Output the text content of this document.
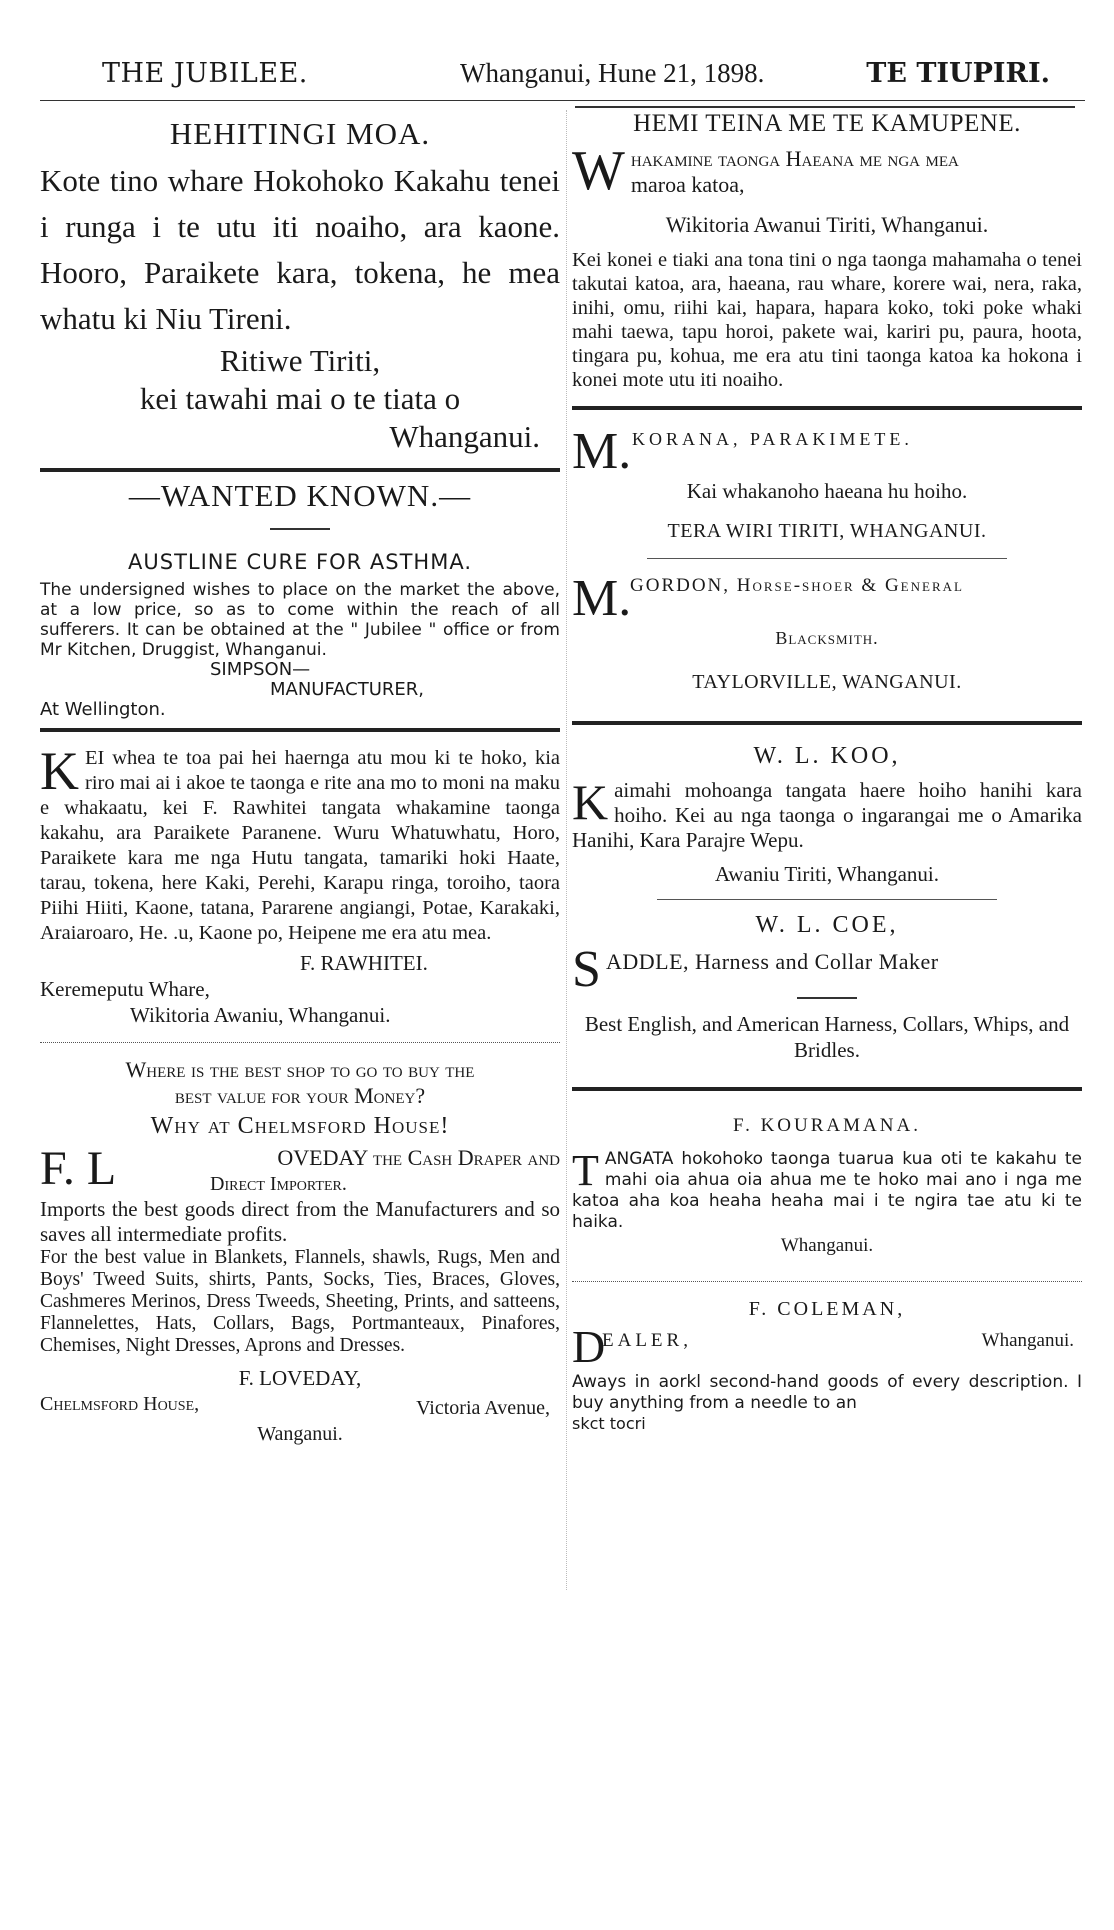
THE JUBILEE.	Whanganui, Hune 21, 1898.	TE TIUPIRI.
HEHITINGI MOA.
Kote tino whare Hokohoko Kakahu tenei i runga i te utu iti noaiho, ara kaone. Hooro, Paraikete kara, tokena, he mea whatu ki Niu Tireni.
Ritiwe Tiriti,
kei tawahi mai o te tiata o
Whanganui.
—WANTED KNOWN.—
AUSTLINE CURE FOR ASTHMA.
The undersigned wishes to place on the market the above, at a low price, so as to come within the reach of all sufferers. It can be obtained at the " Jubilee " office or from Mr Kitchen, Druggist, Whanganui.
SIMPSON—
MANUFACTURER,
At Wellington.
K EI whea te toa pai hei haernga atu mou ki te hoko, kia riro mai ai i akoe te taonga e rite ana mo to moni na maku e whakaatu, kei F. Rawhitei tangata whakamine taonga kakahu, ara Paraikete Paranene. Wuru Whatuwhatu, Horo, Paraikete kara me nga Hutu tangata, tamariki hoki Haate, tarau, tokena, here Kaki, Perehi, Karapu ringa, toroiho, taora Piihi Hiiti, Kaone, tatana, Pararene angiangi, Potae, Karakaki, Araiaroaro, He. .u, Kaone po, Heipene me era atu mea.
F. RAWHITEI.
Keremeputu Whare,
Wikitoria Awaniu, Whanganui.
Where is the best shop to go to buy the
best value for your Money?
Why at Chelmsford House!
F. L	OVEDAY the Cash Draper and
Direct Importer.
Imports the best goods direct from the Manufacturers and so saves all intermediate profits.
For the best value in Blankets, Flannels, shawls, Rugs, Men and Boys' Tweed Suits, shirts, Pants, Socks, Ties, Braces, Gloves, Cashmeres Merinos, Dress Tweeds, Sheeting, Prints, and satteens, Flannelettes, Hats, Collars, Bags, Portmanteaux, Pinafores, Chemises, Night Dresses, Aprons and Dresses.
F. LOVEDAY,
Chelmsford House,	Victoria Avenue,
Wanganui.
HEMI TEINA ME TE KAMUPENE.
W hakamine taonga Haeana me nga mea
maroa katoa,
Wikitoria Awanui Tiriti, Whanganui.
Kei konei e tiaki ana tona tini o nga taonga mahamaha o tenei takutai katoa, ara, haeana, rau whare, korere wai, nera, raka, inihi, omu, riihi kai, hapara, hapara koko, toki poke whaki mahi taewa, tapu horoi, pakete wai, kariri pu, paura, hoota, tingara pu, kohua, me era atu tini taonga katoa ka hokona i konei mote utu iti noaiho.
M. KORANA, PARAKIMETE.
Kai whakanoho haeana hu hoiho.
TERA WIRI TIRITI, WHANGANUI.
M.
GORDON, Horse-shoer & General
Blacksmith.
TAYLORVILLE, WANGANUI.
W. L. KOO,
K aimahi mohoanga tangata haere hoiho hanihi kara hoiho. Kei au nga taonga o ingarangai me o Amarika Hanihi, Kara Parajre Wepu.
Awaniu Tiriti, Whanganui.
W. L. COE,
S ADDLE, Harness and Collar Maker
Best English, and American Harness, Collars, Whips, and Bridles.
F. KOURAMANA.
T ANGATA hokohoko taonga tuarua kua oti te kakahu te mahi oia ahua oia ahua me te hoko mai ano i nga me katoa aha koa heaha heaha mai i te ngira tae atu ki te haika.
Whanganui.
F. COLEMAN,
D
EALER,	Whanganui.
Aways in aorkl second-hand goods of every description. I buy anything from a needle to an
skct tocri
